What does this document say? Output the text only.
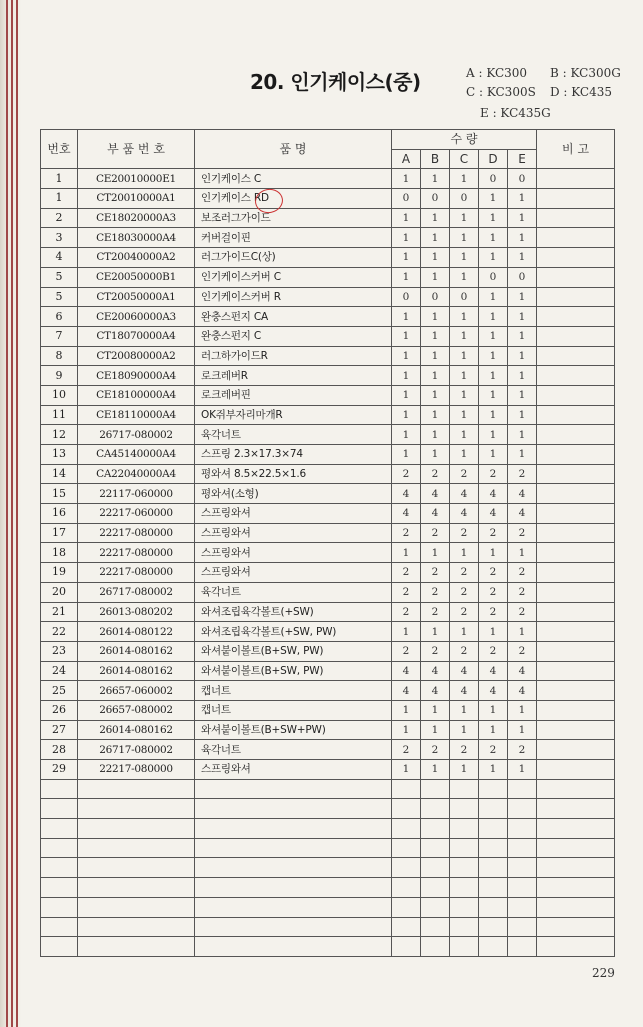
20. 인기케이스(중)	A : KC300 B : KC300G
C : KC300S D : KC435
E : KC435G
번호	부 품 번 호	품 명	수 량					비 고
			A	B	C	D	E	
1	CE20010000E1	인기케이스 C	1	1	1	0	0	
1	CT20010000A1	인기케이스 RD	0	0	0	1	1	
2	CE18020000A3	보조러그가이드	1	1	1	1	1	
3	CE18030000A4	커버걸이핀	1	1	1	1	1	
4	CT20040000A2	러그가이드C(상)	1	1	1	1	1	
5	CE20050000B1	인기케이스커버 C	1	1	1	0	0	
5	CT20050000A1	인기케이스커버 R	0	0	0	1	1	
6	CE20060000A3	완충스펀지 CA	1	1	1	1	1	
7	CT18070000A4	완충스펀지 C	1	1	1	1	1	
8	CT20080000A2	러그하가이드R	1	1	1	1	1	
9	CE18090000A4	로크레버R	1	1	1	1	1	
10	CE18100000A4	로크레버핀	1	1	1	1	1	
11	CE18110000A4	OK쥐부자리마개R	1	1	1	1	1	
12	26717-080002	육각너트	1	1	1	1	1	
13	CA45140000A4	스프링 2.3×17.3×74	1	1	1	1	1	
14	CA22040000A4	평와셔 8.5×22.5×1.6	2	2	2	2	2	
15	22117-060000	평와셔(소형)	4	4	4	4	4	
16	22217-060000	스프링와셔	4	4	4	4	4	
17	22217-080000	스프링와셔	2	2	2	2	2	
18	22217-080000	스프링와셔	1	1	1	1	1	
19	22217-080000	스프링와셔	2	2	2	2	2	
20	26717-080002	육각너트	2	2	2	2	2	
21	26013-080202	와셔조립육각볼트(+SW)	2	2	2	2	2	
22	26014-080122	와셔조립육각볼트(+SW, PW)	1	1	1	1	1	
23	26014-080162	와셔붙이볼트(B+SW, PW)	2	2	2	2	2	
24	26014-080162	와셔붙이볼트(B+SW, PW)	4	4	4	4	4	
25	26657-060002	캡너트	4	4	4	4	4	
26	26657-080002	캡너트	1	1	1	1	1	
27	26014-080162	와셔붙이볼트(B+SW+PW)	1	1	1	1	1	
28	26717-080002	육각너트	2	2	2	2	2	
29	22217-080000	스프링와셔	1	1	1	1	1	

229
